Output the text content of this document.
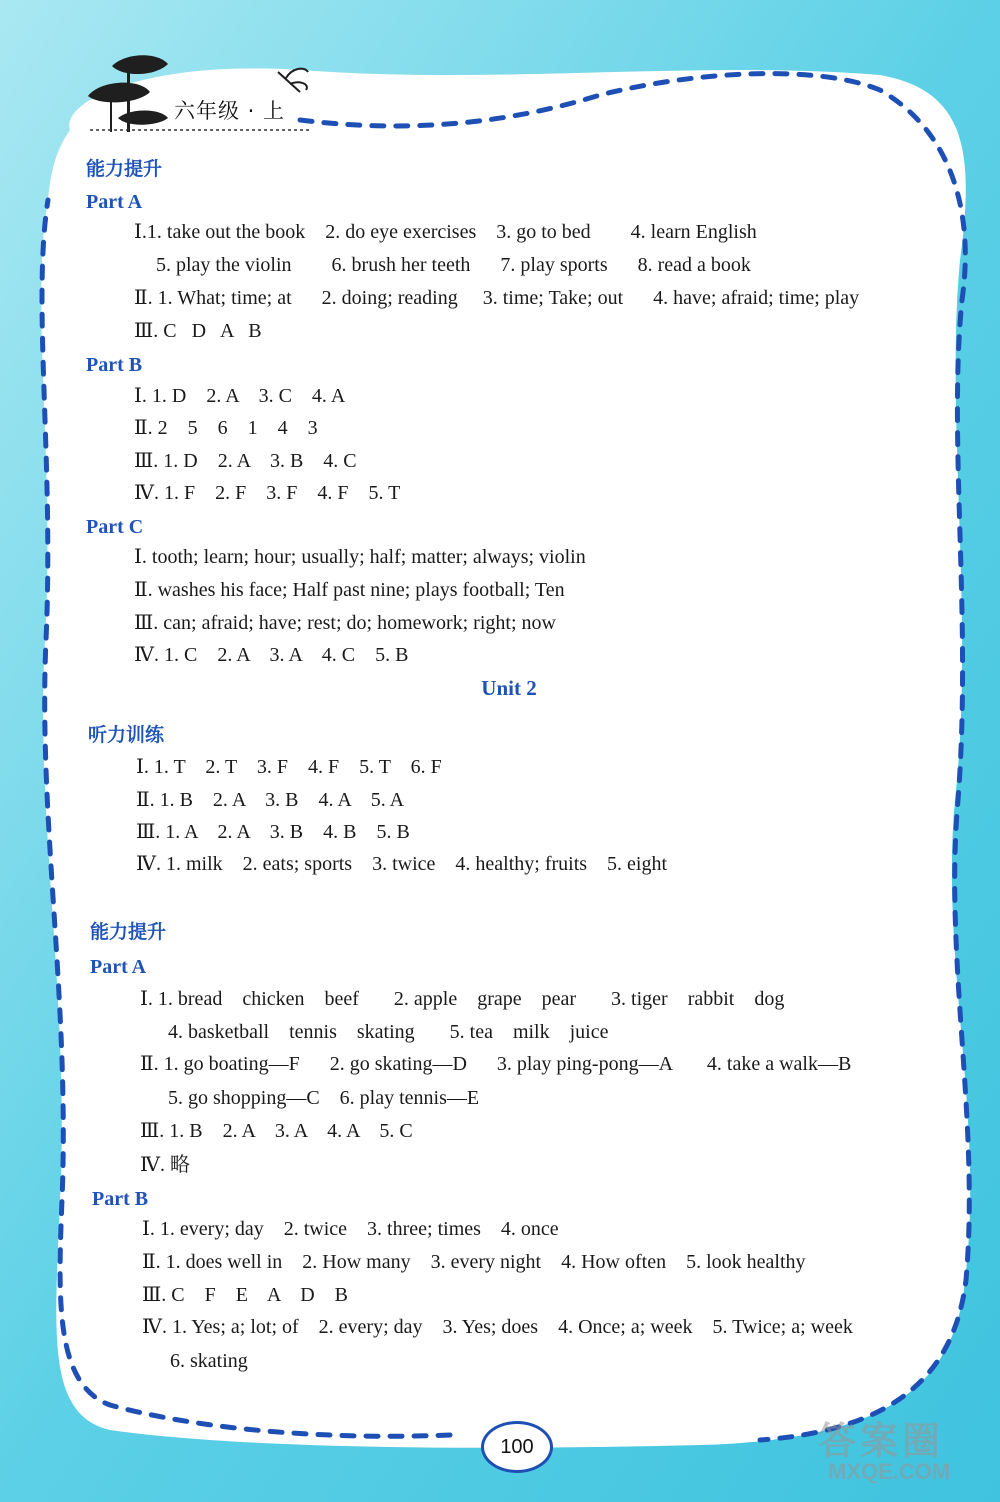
六年级 · 上
能力提升
Part A
Ⅰ.1. take out the book    2. do eye exercises    3. go to bed        4. learn English
5. play the violin        6. brush her teeth      7. play sports      8. read a book
Ⅱ. 1. What; time; at      2. doing; reading     3. time; Take; out      4. have; afraid; time; play
Ⅲ. C   D   A   B
Part B
Ⅰ. 1. D    2. A    3. C    4. A
Ⅱ. 2    5    6    1    4    3
Ⅲ. 1. D    2. A    3. B    4. C
Ⅳ. 1. F    2. F    3. F    4. F    5. T
Part C
Ⅰ. tooth; learn; hour; usually; half; matter; always; violin
Ⅱ. washes his face; Half past nine; plays football; Ten
Ⅲ. can; afraid; have; rest; do; homework; right; now
Ⅳ. 1. C    2. A    3. A    4. C    5. B
Unit 2
听力训练
Ⅰ. 1. T    2. T    3. F    4. F    5. T    6. F
Ⅱ. 1. B    2. A    3. B    4. A    5. A
Ⅲ. 1. A    2. A    3. B    4. B    5. B
Ⅳ. 1. milk    2. eats; sports    3. twice    4. healthy; fruits    5. eight
能力提升
Part A
Ⅰ. 1. bread    chicken    beef       2. apple    grape    pear       3. tiger    rabbit    dog
4. basketball    tennis    skating       5. tea    milk    juice
Ⅱ. 1. go boating—F      2. go skating—D      3. play ping-pong—A       4. take a walk—B
5. go shopping—C    6. play tennis—E
Ⅲ. 1. B    2. A    3. A    4. A    5. C
Ⅳ. 略
Part B
Ⅰ. 1. every; day    2. twice    3. three; times    4. once
Ⅱ. 1. does well in    2. How many    3. every night    4. How often    5. look healthy
Ⅲ. C    F    E    A    D    B
Ⅳ. 1. Yes; a; lot; of    2. every; day    3. Yes; does    4. Once; a; week    5. Twice; a; week
6. skating
100	答案圈
MXQE.COM
